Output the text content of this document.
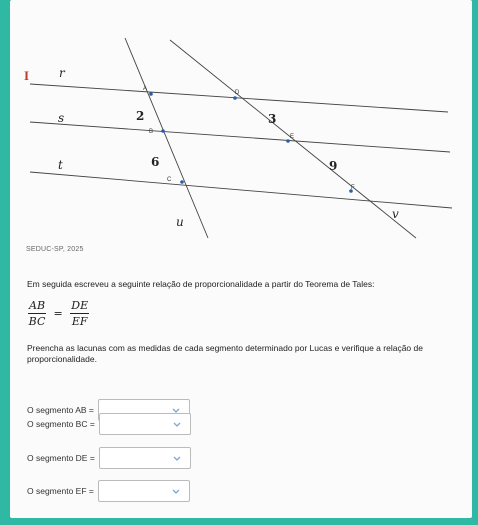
I r
s
t
u
v
A
B
C
D
E
F
2
6
3
9
SEDUC-SP, 2025
Em seguida escreveu a seguinte relação de proporcionalidade a partir do Teorema de Tales:
$\frac{AB}{BC} = \frac{DE}{EF}$
Preencha as lacunas com as medidas de cada segmento determinado por Lucas e verifique a relação de proporcionalidade.
O segmento AB =
O segmento BC =
O segmento DE =
O segmento EF =
